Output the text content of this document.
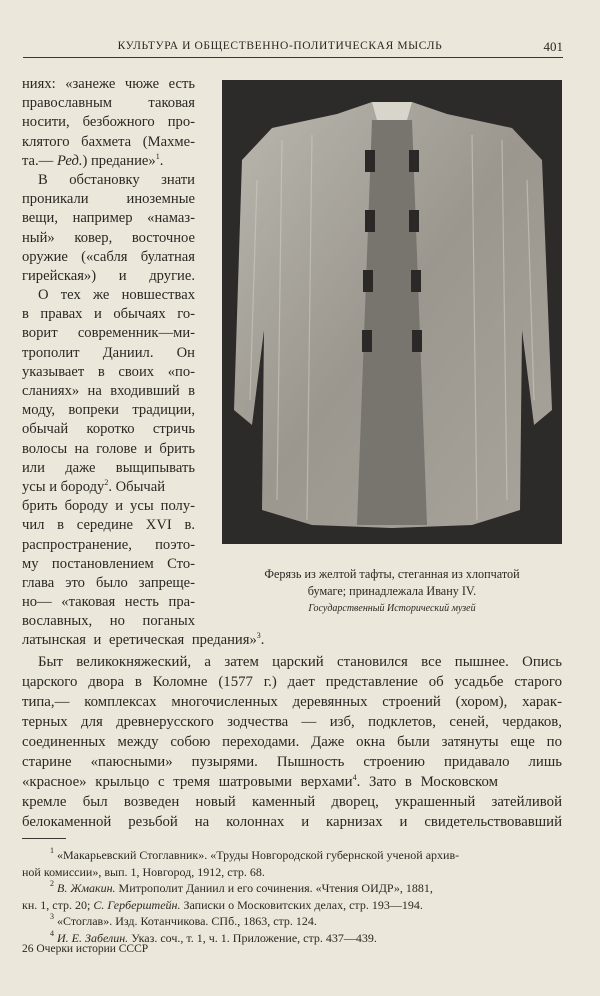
КУЛЬТУРА И ОБЩЕСТВЕННО-ПОЛИТИЧЕСКАЯ МЫСЛЬ	401
ниях: «занеже чюже есть
православным таковая
носити, безбожного про-
клятого бахмета (Махме-
та.— Ред.) предание»$^1$.
В обстановку знати
проникали иноземные
вещи, например «намаз-
ный» ковер, восточное
оружие («сабля булатная
гирейская») и другие.
О тех же новшествах
в правах и обычаях го-
ворит современник—ми-
трополит Даниил. Он
указывает в своих «по-
сланиях» на входивший в
моду, вопреки традиции,
обычай коротко стричь
волосы на голове и брить
или даже выщипывать
усы и бороду$^2$. Обычай
брить бороду и усы полу-
чил в середине XVI в.
распространение, поэто-
му постановлением Сто-
глава это было запреще-
но— «таковая несть пра-
вославных, но поганых
латынская и еретическая предания»$^3$.
Ферязь из желтой тафты, стеганная из хлопчатой
бумаге; принадлежала Ивану IV.
Государственный Исторический музей
Быт великокняжеский, а затем царский становился все пышнее. Опись
царского двора в Коломне (1577 г.) дает представление об усадьбе старого
типа,— комплексах многочисленных деревянных строений (хором), харак-
терных для древнерусского зодчества — изб, подклетов, сеней, чердаков,
соединенных между собою переходами. Даже окна были затянуты еще по
старине «паюсными» пузырями. Пышность строению придавало лишь
«красное» крыльцо с тремя шатровыми верхами$^4$. Зато в Московском
кремле был возведен новый каменный дворец, украшенный затейливой
белокаменной резьбой на колоннах и карнизах и свидетельствовавший
$^1$ «Макарьевский Стоглавник». «Труды Новгородской губернской ученой архив-
ной комиссии», вып. 1, Новгород, 1912, стр. 68.
$^2$ В. Жмакин. Митрополит Даниил и его сочинения. «Чтения ОИДР», 1881,
кн. 1, стр. 20; С. Герберштейн. Записки о Московитских делах, стр. 193—194.
$^3$ «Стоглав». Изд. Котанчикова. СПб., 1863, стр. 124.
$^4$ И. Е. Забелин. Указ. соч., т. 1, ч. 1. Приложение, стр. 437—439.
26 Очерки истории СССР
